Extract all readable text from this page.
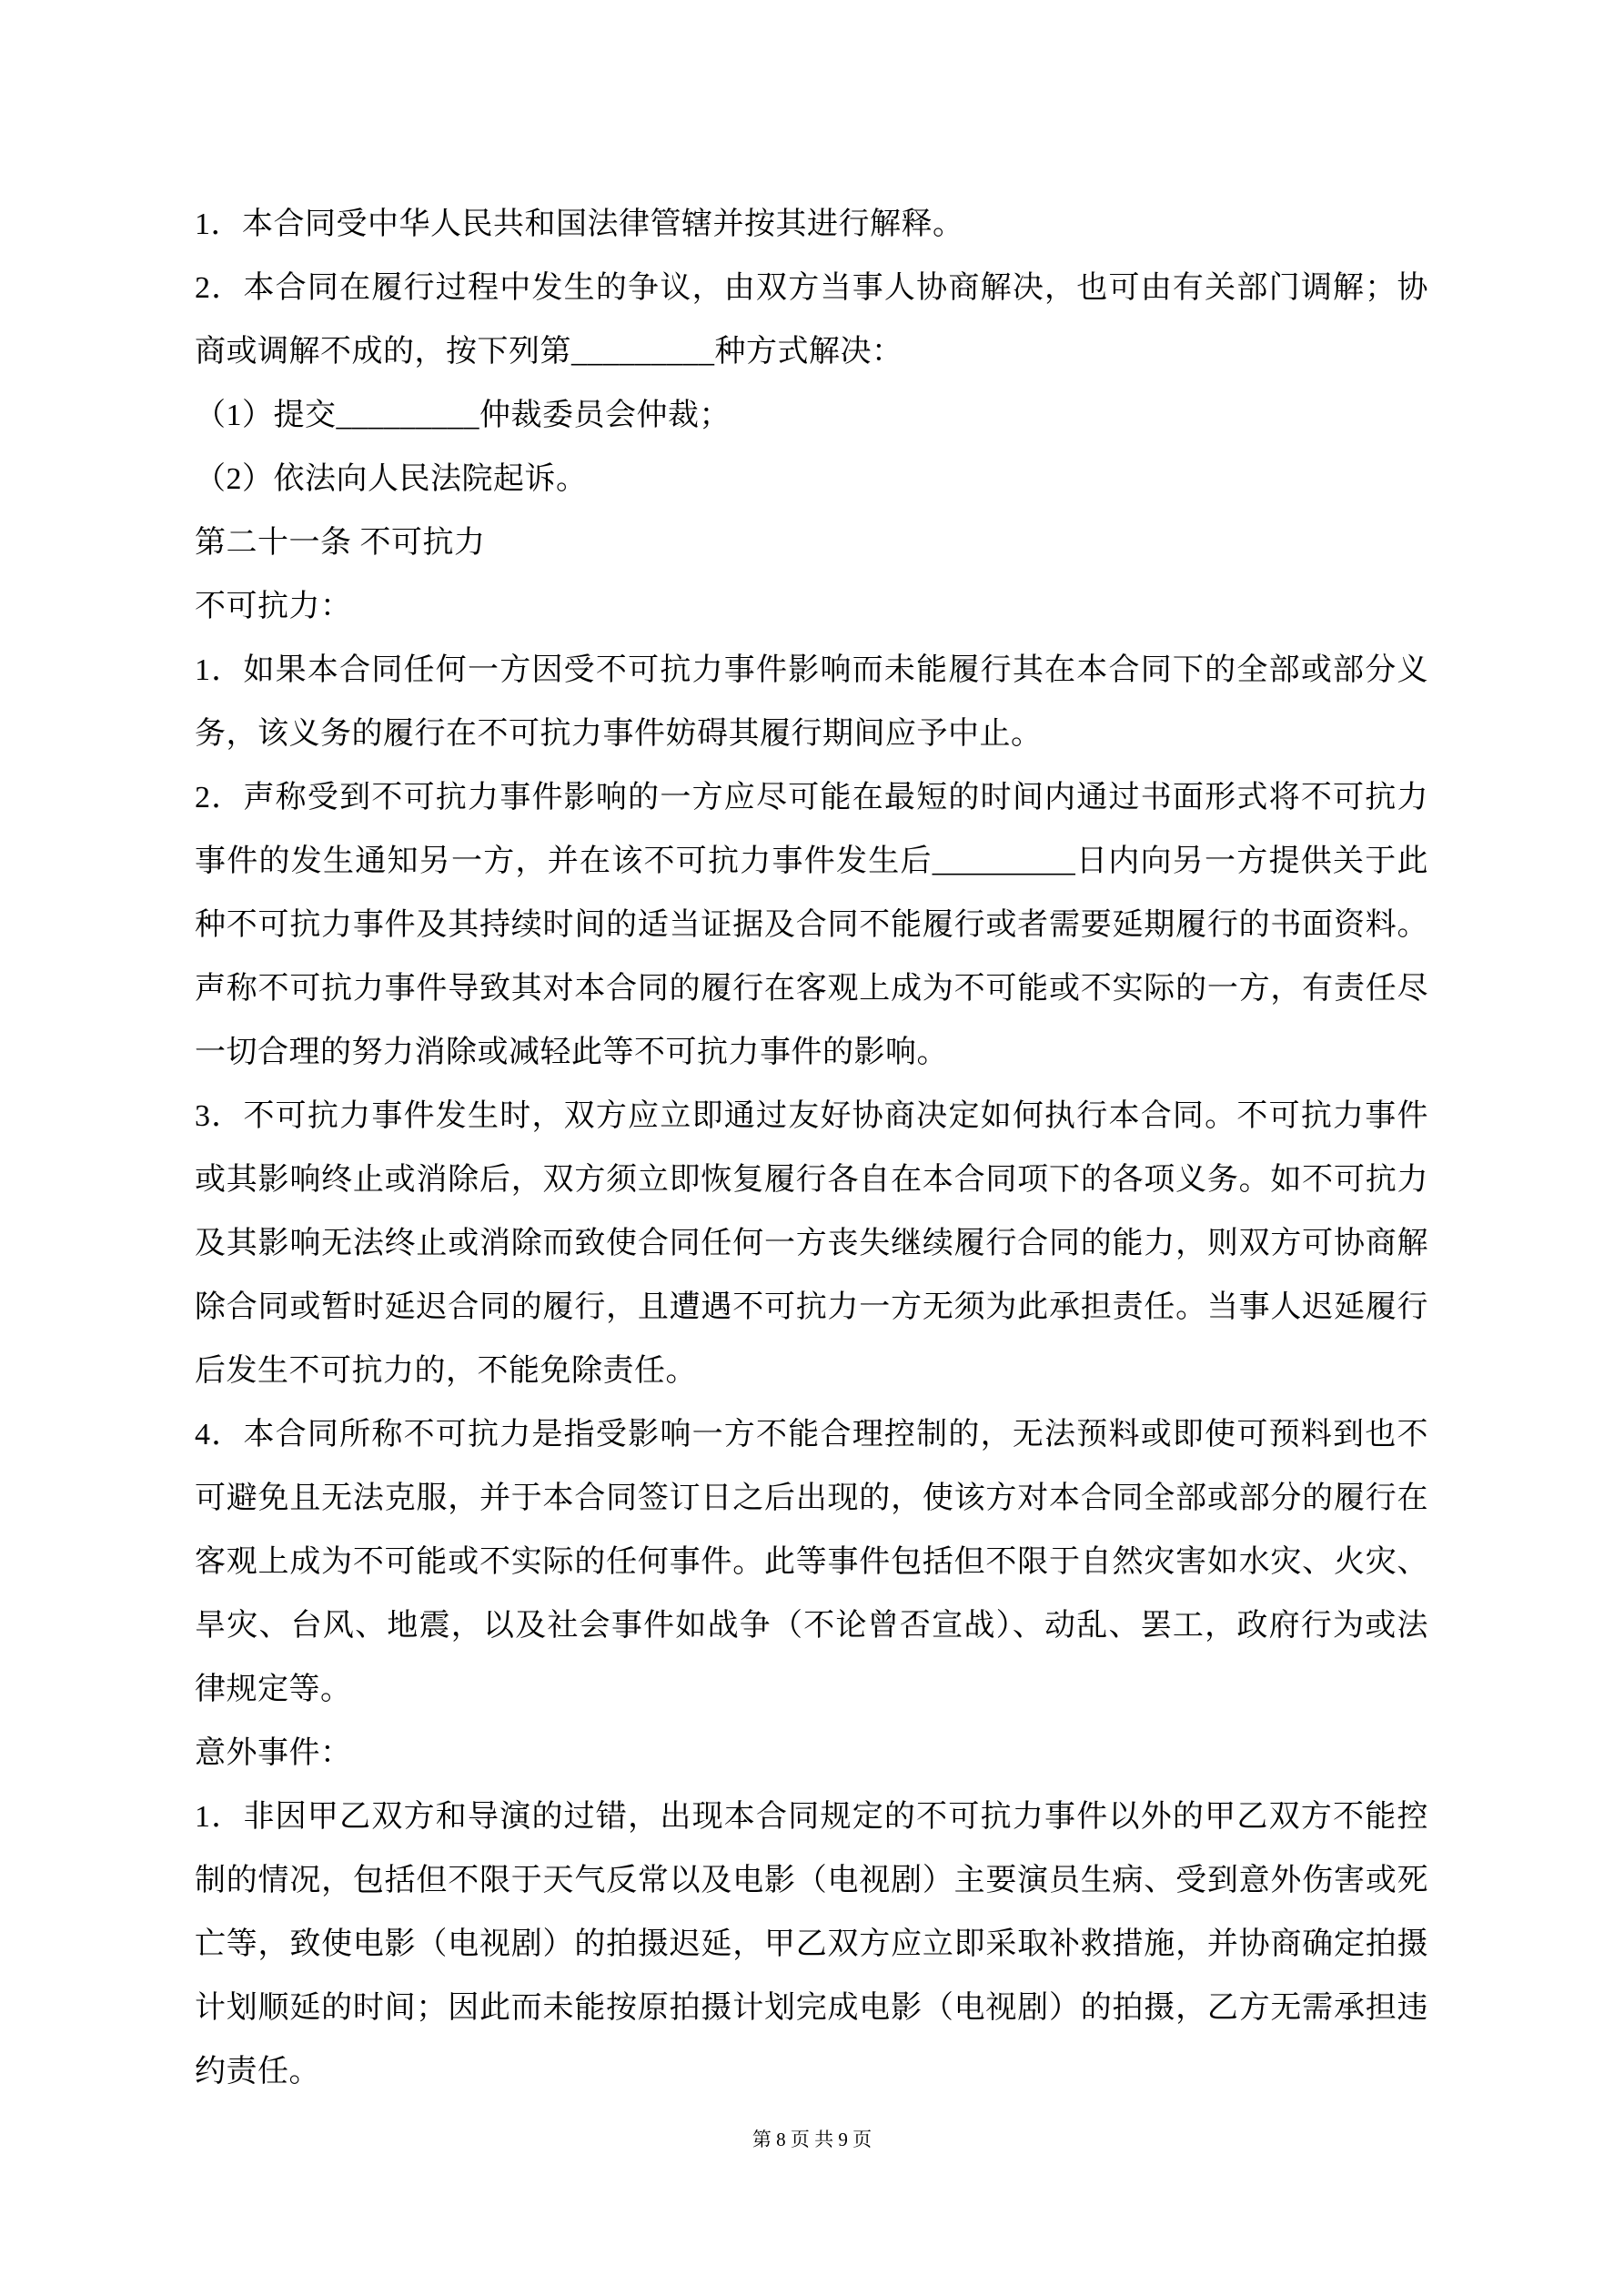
1．本合同受中华人民共和国法律管辖并按其进行解释。

2．本合同在履行过程中发生的争议，由双方当事人协商解决，也可由有关部门调解；协商或调解不成的，按下列第_________种方式解决：

（1）提交_________仲裁委员会仲裁；

（2）依法向人民法院起诉。

第二十一条 不可抗力

不可抗力：

1．如果本合同任何一方因受不可抗力事件影响而未能履行其在本合同下的全部或部分义务，该义务的履行在不可抗力事件妨碍其履行期间应予中止。

2．声称受到不可抗力事件影响的一方应尽可能在最短的时间内通过书面形式将不可抗力事件的发生通知另一方，并在该不可抗力事件发生后_________日内向另一方提供关于此种不可抗力事件及其持续时间的适当证据及合同不能履行或者需要延期履行的书面资料。声称不可抗力事件导致其对本合同的履行在客观上成为不可能或不实际的一方，有责任尽一切合理的努力消除或减轻此等不可抗力事件的影响。

3．不可抗力事件发生时，双方应立即通过友好协商决定如何执行本合同。不可抗力事件或其影响终止或消除后，双方须立即恢复履行各自在本合同项下的各项义务。如不可抗力及其影响无法终止或消除而致使合同任何一方丧失继续履行合同的能力，则双方可协商解除合同或暂时延迟合同的履行，且遭遇不可抗力一方无须为此承担责任。当事人迟延履行后发生不可抗力的，不能免除责任。

4．本合同所称不可抗力是指受影响一方不能合理控制的，无法预料或即使可预料到也不可避免且无法克服，并于本合同签订日之后出现的，使该方对本合同全部或部分的履行在客观上成为不可能或不实际的任何事件。此等事件包括但不限于自然灾害如水灾、火灾、旱灾、台风、地震，以及社会事件如战争（不论曾否宣战）、动乱、罢工，政府行为或法律规定等。

意外事件：

1．非因甲乙双方和导演的过错，出现本合同规定的不可抗力事件以外的甲乙双方不能控制的情况，包括但不限于天气反常以及电影（电视剧）主要演员生病、受到意外伤害或死亡等，致使电影（电视剧）的拍摄迟延，甲乙双方应立即采取补救措施，并协商确定拍摄计划顺延的时间；因此而未能按原拍摄计划完成电影（电视剧）的拍摄，乙方无需承担违约责任。

第 8 页 共 9 页
